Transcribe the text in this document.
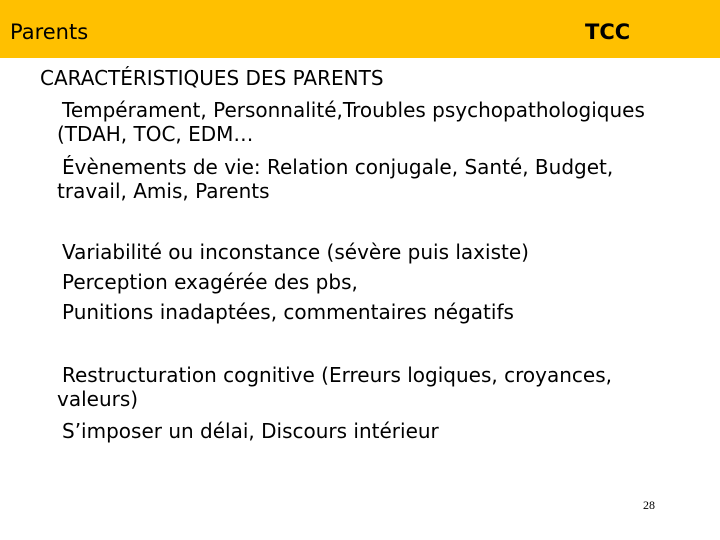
Parents	TCC
CARACTÉRISTIQUES DES PARENTS
Tempérament, Personnalité,Troubles psychopathologiques (TDAH, TOC, EDM…
Évènements de vie: Relation conjugale, Santé, Budget, travail, Amis, Parents
Variabilité ou inconstance (sévère puis laxiste)
Perception exagérée des pbs,
Punitions inadaptées, commentaires négatifs
Restructuration cognitive (Erreurs logiques, croyances, valeurs)
S’imposer un délai, Discours intérieur
28
